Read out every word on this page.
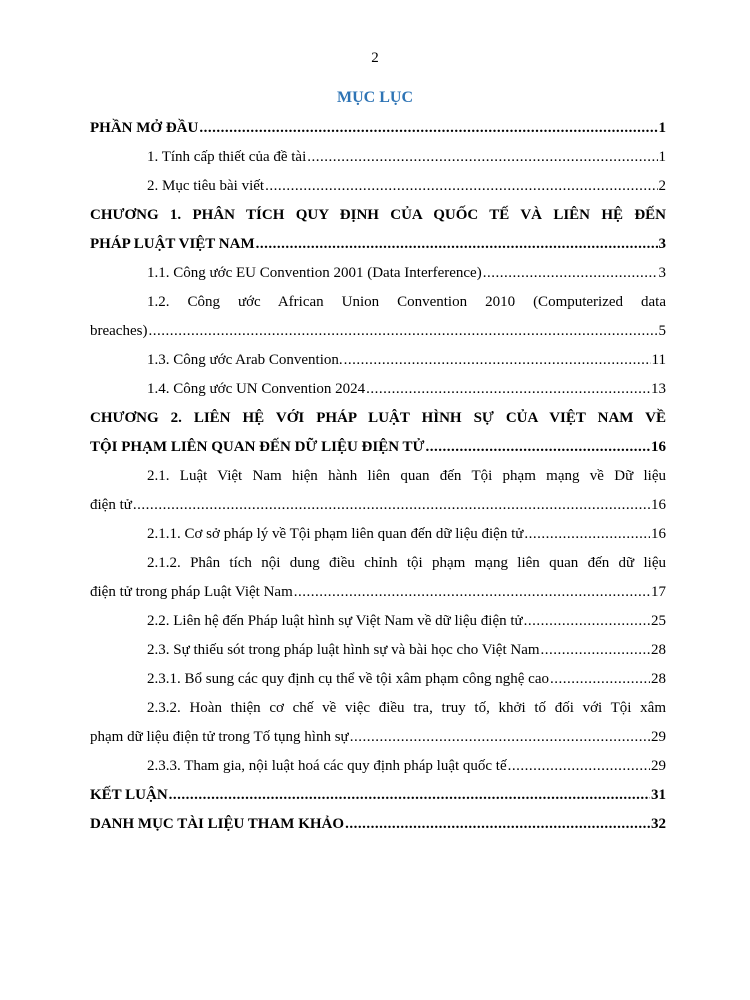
2
MỤC LỤC
PHẦN MỞ ĐẦU .....	1
1. Tính cấp thiết của đề tài .....	1
2. Mục tiêu bài viết .....	2
CHƯƠNG 1. PHÂN TÍCH QUY ĐỊNH CỦA QUỐC TẾ VÀ LIÊN HỆ ĐẾN
PHÁP LUẬT VIỆT NAM .....	3
1.1. Công ước EU Convention 2001 (Data Interference) .....	3
1.2. Công ước African Union Convention 2010 (Computerized data
breaches) .....	5
1.3. Công ước Arab Convention. .....	11
1.4. Công ước UN Convention 2024 .....	13
CHƯƠNG 2. LIÊN HỆ VỚI PHÁP LUẬT HÌNH SỰ CỦA VIỆT NAM VỀ
TỘI PHẠM LIÊN QUAN ĐẾN DỮ LIỆU ĐIỆN TỬ .....	16
2.1. Luật Việt Nam hiện hành liên quan đến Tội phạm mạng về Dữ liệu
điện tử .....	16
2.1.1. Cơ sở pháp lý về Tội phạm liên quan đến dữ liệu điện tử .....	16
2.1.2. Phân tích nội dung điều chỉnh tội phạm mạng liên quan đến dữ liệu
điện tử trong pháp Luật Việt Nam .....	17
2.2. Liên hệ đến Pháp luật hình sự Việt Nam về dữ liệu điện tử .....	25
2.3. Sự thiếu sót trong pháp luật hình sự và bài học cho Việt Nam .....	28
2.3.1. Bổ sung các quy định cụ thể về tội xâm phạm công nghệ cao .....	28
2.3.2. Hoàn thiện cơ chế về việc điều tra, truy tố, khởi tố đối với Tội xâm
phạm dữ liệu điện tử trong Tố tụng hình sự .....	29
2.3.3. Tham gia, nội luật hoá các quy định pháp luật quốc tế .....	29
KẾT LUẬN .....	31
DANH MỤC TÀI LIỆU THAM KHẢO .....	32
